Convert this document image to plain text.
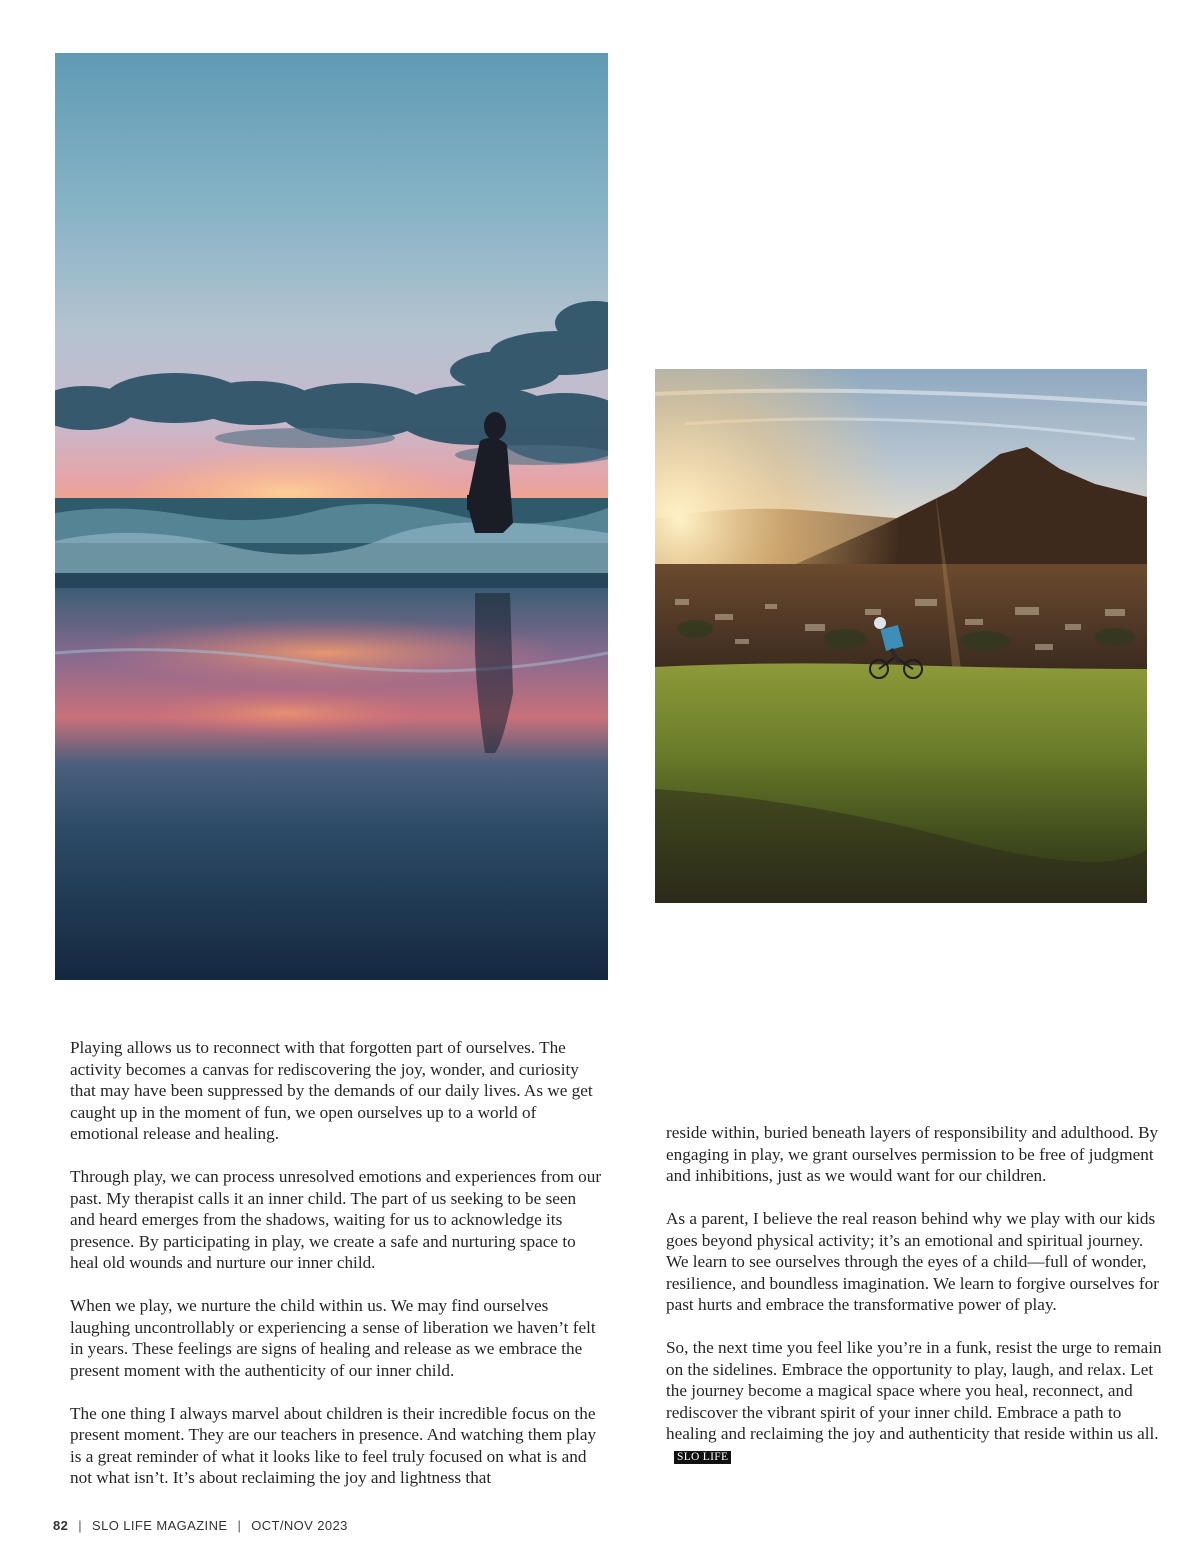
Playing allows us to reconnect with that forgotten part of ourselves. The activity becomes a canvas for rediscovering the joy, wonder, and curiosity that may have been suppressed by the demands of our daily lives. As we get caught up in the moment of fun, we open ourselves up to a world of emotional release and healing.

Through play, we can process unresolved emotions and experiences from our past. My therapist calls it an inner child. The part of us seeking to be seen and heard emerges from the shadows, waiting for us to acknowledge its presence. By participating in play, we create a safe and nurturing space to heal old wounds and nurture our inner child.

When we play, we nurture the child within us. We may find ourselves laughing uncontrollably or experiencing a sense of liberation we haven’t felt in years. These feelings are signs of healing and release as we embrace the present moment with the authenticity of our inner child.

The one thing I always marvel about children is their incredible focus on the present moment. They are our teachers in presence. And watching them play is a great reminder of what it looks like to feel truly focused on what is and not what isn’t. It’s about reclaiming the joy and lightness that

reside within, buried beneath layers of responsibility and adulthood. By engaging in play, we grant ourselves permission to be free of judgment and inhibitions, just as we would want for our children.

As a parent, I believe the real reason behind why we play with our kids goes beyond physical activity; it’s an emotional and spiritual journey. We learn to see ourselves through the eyes of a child—full of wonder, resilience, and boundless imagination. We learn to forgive ourselves for past hurts and embrace the transformative power of play.

So, the next time you feel like you’re in a funk, resist the urge to remain on the sidelines. Embrace the opportunity to play, laugh, and relax. Let the journey become a magical space where you heal, reconnect, and rediscover the vibrant spirit of your inner child. Embrace a path to healing and reclaiming the joy and authenticity that reside within us all.SLO LIFE

82 | SLO LIFE MAGAZINE | OCT/NOV 2023
